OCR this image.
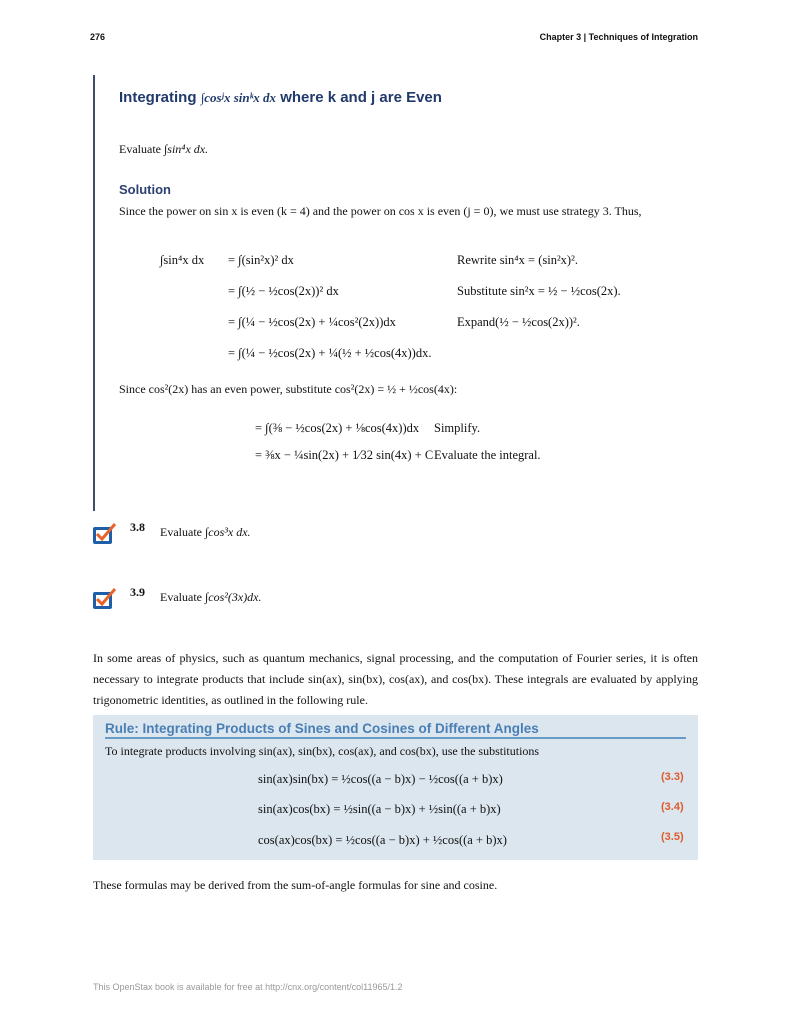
276	Chapter 3 | Techniques of Integration
Integrating ∫cosʲx sinᵏx dx where k and j are Even
Evaluate ∫sin⁴x dx.
Solution
Since the power on sin x is even (k = 4) and the power on cos x is even (j = 0), we must use strategy 3. Thus,
∫sin⁴x dx = ∫(sin²x)² dx	Rewrite sin⁴x = (sin²x)².
= ∫(½ − ½cos(2x))² dx	Substitute sin²x = ½ − ½cos(2x).
= ∫(¼ − ½cos(2x) + ¼cos²(2x))dx	Expand(½ − ½cos(2x))².
= ∫(¼ − ½cos(2x) + ¼(½ + ½cos(4x))dx.
Since cos²(2x) has an even power, substitute cos²(2x) = ½ + ½cos(4x):
= ∫(⅜ − ½cos(2x) + ⅛cos(4x))dx Simplify.
= ⅜x − ¼sin(2x) + 1⁄32 sin(4x) + C Evaluate the integral.
3.8 Evaluate ∫cos³x dx.
3.9 Evaluate ∫cos²(3x)dx.
In some areas of physics, such as quantum mechanics, signal processing, and the computation of Fourier series, it is often necessary to integrate products that include sin(ax), sin(bx), cos(ax), and cos(bx). These integrals are evaluated by applying trigonometric identities, as outlined in the following rule.
Rule: Integrating Products of Sines and Cosines of Different Angles
To integrate products involving sin(ax), sin(bx), cos(ax), and cos(bx), use the substitutions
sin(ax)sin(bx) = ½cos((a − b)x) − ½cos((a + b)x)	(3.3)
sin(ax)cos(bx) = ½sin((a − b)x) + ½sin((a + b)x)	(3.4)
cos(ax)cos(bx) = ½cos((a − b)x) + ½cos((a + b)x)	(3.5)
These formulas may be derived from the sum-of-angle formulas for sine and cosine.
This OpenStax book is available for free at http://cnx.org/content/col11965/1.2
